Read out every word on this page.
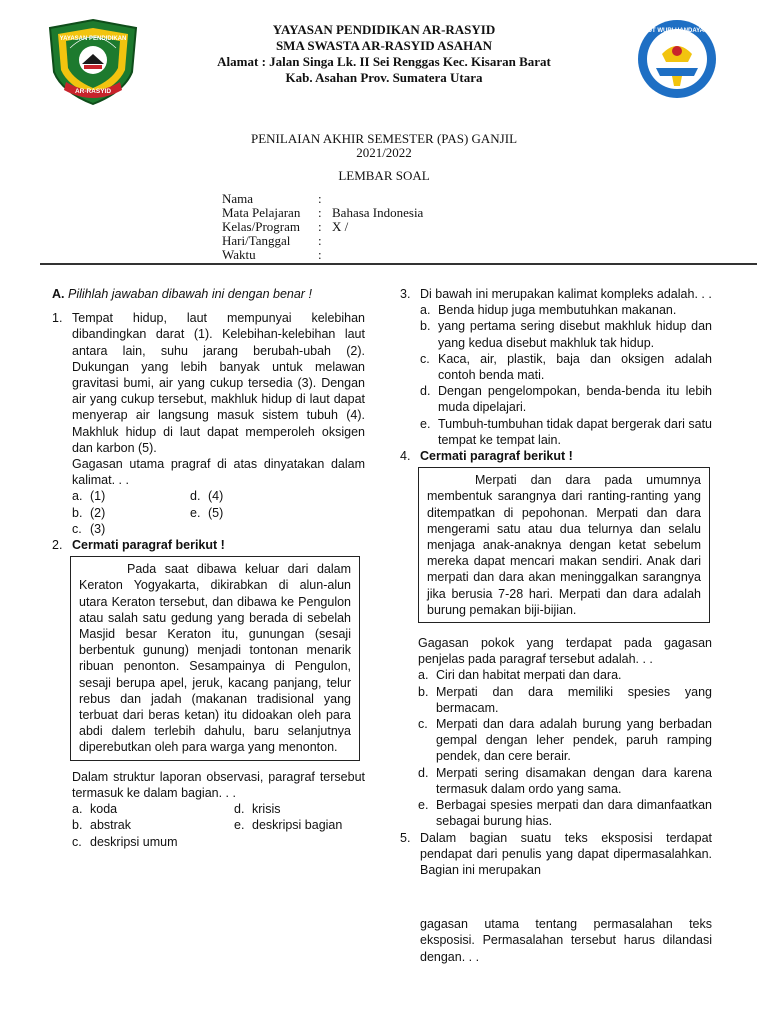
YAYASAN PENDIDIKAN
AR-RASYID
TUT WURI HANDAYANI
YAYASAN PENDIDIKAN AR-RASYID
SMA SWASTA AR-RASYID ASAHAN
Alamat : Jalan Singa Lk. II Sei Renggas Kec. Kisaran Barat
Kab. Asahan Prov. Sumatera Utara
PENILAIAN AKHIR SEMESTER (PAS) GANJIL
2021/2022
LEMBAR SOAL
Nama	:
Mata Pelajaran : Bahasa Indonesia
Kelas/Program : X /
Hari/Tanggal :
Waktu	:
A. Pilihlah jawaban dibawah ini dengan benar !
1. Tempat hidup, laut mempunyai kelebihan dibandingkan darat (1). Kelebihan-kelebihan laut antara lain, suhu jarang berubah-ubah (2). Dukungan yang lebih banyak untuk melawan gravitasi bumi, air yang cukup tersedia (3). Dengan air yang cukup tersebut, makhluk hidup di laut dapat menyerap air langsung masuk sistem tubuh (4). Makhluk hidup di laut dapat memperoleh oksigen dan karbon (5).
Gagasan utama pragraf di atas dinyatakan dalam kalimat. . .
a. (1)
b. (2)
c. (3)
d. (4)
e. (5)
2. Cermati paragraf berikut !
Pada saat dibawa keluar dari dalam Keraton Yogyakarta, dikirabkan di alun-alun utara Keraton tersebut, dan dibawa ke Pengulon atau salah satu gedung yang berada di sebelah Masjid besar Keraton itu, gunungan (sesaji berbentuk gunung) menjadi tontonan menarik ribuan penonton. Sesampainya di Pengulon, sesaji berupa apel, jeruk, kacang panjang, telur rebus dan jadah (makanan tradisional yang terbuat dari beras ketan) itu didoakan oleh para abdi dalem terlebih dahulu, baru selanjutnya diperebutkan oleh para warga yang menonton.
Dalam struktur laporan observasi, paragraf tersebut termasuk ke dalam bagian. . .
a. koda
b. abstrak
c. deskripsi umum
d. krisis
e. deskripsi bagian
3. Di bawah ini merupakan kalimat kompleks adalah. . .
a. Benda hidup juga membutuhkan makanan.
b. yang pertama sering disebut makhluk hidup dan yang kedua disebut makhluk tak hidup.
c. Kaca, air, plastik, baja dan oksigen adalah contoh benda mati.
d. Dengan pengelompokan, benda-benda itu lebih muda dipelajari.
e. Tumbuh-tumbuhan tidak dapat bergerak dari satu tempat ke tempat lain.
4. Cermati paragraf berikut !
Merpati dan dara pada umumnya membentuk sarangnya dari ranting-ranting yang ditempatkan di pepohonan. Merpati dan dara mengerami satu atau dua telurnya dan selalu menjaga anak-anaknya dengan ketat sebelum mereka dapat mencari makan sendiri. Anak dari merpati dan dara akan meninggalkan sarangnya jika berusia 7-28 hari. Merpati dan dara adalah burung pemakan biji-bijian.
Gagasan pokok yang terdapat pada gagasan penjelas pada paragraf tersebut adalah. . .
a. Ciri dan habitat merpati dan dara.
b. Merpati dan dara memiliki spesies yang bermacam.
c. Merpati dan dara adalah burung yang berbadan gempal dengan leher pendek, paruh ramping pendek, dan cere berair.
d. Merpati sering disamakan dengan dara karena termasuk dalam ordo yang sama.
e. Berbagai spesies merpati dan dara dimanfaatkan sebagai burung hias.
5. Dalam bagian suatu teks eksposisi terdapat pendapat dari penulis yang dapat dipermasalahkan. Bagian ini merupakan
gagasan utama tentang permasalahan teks eksposisi. Permasalahan tersebut harus dilandasi dengan. . .
